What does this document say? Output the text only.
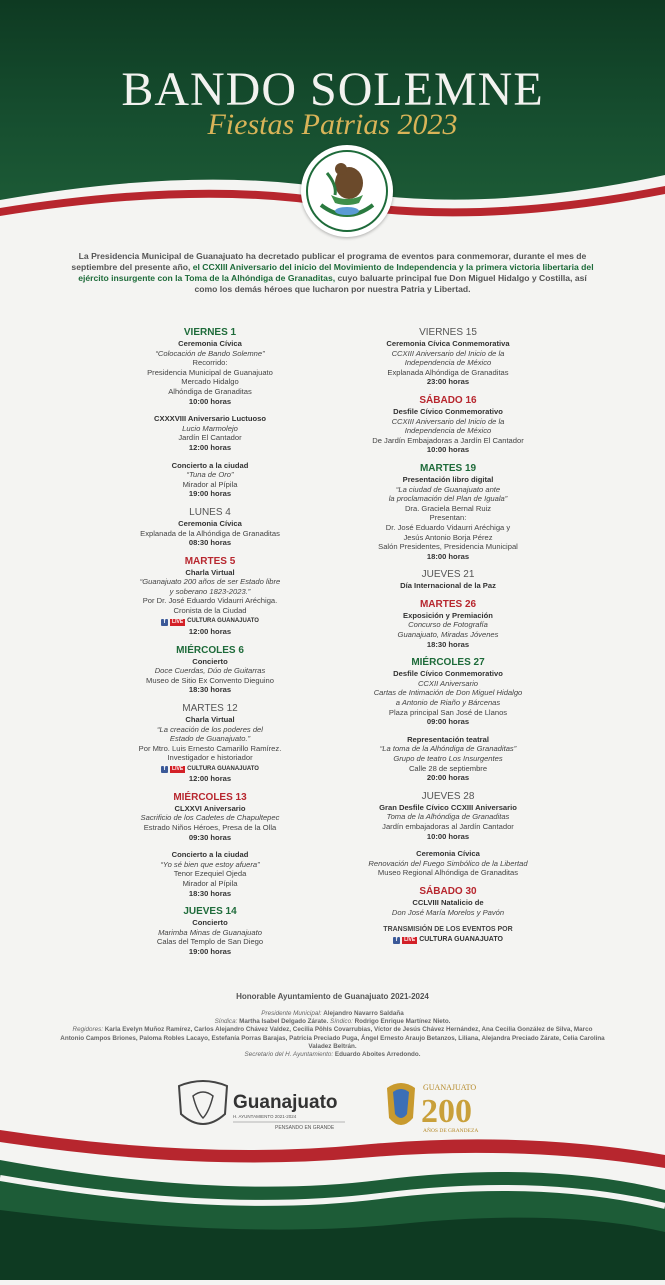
BANDO SOLEMNE
Fiestas Patrias 2023
La Presidencia Municipal de Guanajuato ha decretado publicar el programa de eventos para conmemorar, durante el mes de septiembre del presente año, el CCXIII Aniversario del inicio del Movimiento de Independencia y la primera victoria libertaria del ejército insurgente con la Toma de la Alhóndiga de Granaditas, cuyo baluarte principal fue Don Miguel Hidalgo y Costilla, así como los demás héroes que lucharon por nuestra Patria y Libertad.
VIERNES 1
Ceremonia Cívica
“Colocación de Bando Solemne”
Recorrido:
Presidencia Municipal de Guanajuato
Mercado Hidalgo
Alhóndiga de Granaditas
10:00 horas
CXXXVIII Aniversario Luctuoso
Lucio Marmolejo
Jardín El Cantador
12:00 horas
Concierto a la ciudad
“Tuna de Oro”
Mirador al Pípila
19:00 horas
LUNES 4
Ceremonia Cívica
Explanada de la Alhóndiga de Granaditas
08:30 horas
MARTES 5
Charla Virtual
“Guanajuato 200 años de ser Estado libre
y soberano 1823-2023.”
Por Dr. José Eduardo Vidaurri Aréchiga.
Cronista de la Ciudad
f	LIVE CULTURA GUANAJUATO
12:00 horas
MIÉRCOLES 6
Concierto
Doce Cuerdas, Dúo de Guitarras
Museo de Sitio Ex Convento Dieguino
18:30 horas
MARTES 12
Charla Virtual
“La creación de los poderes del
Estado de Guanajuato.”
Por Mtro. Luis Ernesto Camarillo Ramírez.
Investigador e historiador
f	LIVE CULTURA GUANAJUATO
12:00 horas
MIÉRCOLES 13
CLXXVI Aniversario
Sacrificio de los Cadetes de Chapultepec
Estrado Niños Héroes, Presa de la Olla
09:30 horas
Concierto a la ciudad
“Yo sé bien que estoy afuera”
Tenor Ezequiel Ojeda
Mirador al Pípila
18:30 horas
JUEVES 14
Concierto
Marimba Minas de Guanajuato
Calas del Templo de San Diego
19:00 horas
VIERNES 15
Ceremonia Cívica Conmemorativa
CCXIII Aniversario del Inicio de la
Independencia de México
Explanada Alhóndiga de Granaditas
23:00 horas
SÁBADO 16
Desfile Cívico Conmemorativo
CCXIII Aniversario del Inicio de la
Independencia de México
De Jardín Embajadoras a Jardín El Cantador
10:00 horas
MARTES 19
Presentación libro digital
“La ciudad de Guanajuato ante
la proclamación del Plan de Iguala”
Dra. Graciela Bernal Ruiz
Presentan:
Dr. José Eduardo Vidaurri Aréchiga y
Jesús Antonio Borja Pérez
Salón Presidentes, Presidencia Municipal
18:00 horas
JUEVES 21
Día Internacional de la Paz
MARTES 26
Exposición y Premiación
Concurso de Fotografía
Guanajuato, Miradas Jóvenes
18:30 horas
MIÉRCOLES 27
Desfile Cívico Conmemorativo
CCXII Aniversario
Cartas de Intimación de Don Miguel Hidalgo
a Antonio de Riaño y Bárcenas
Plaza principal San José de Llanos
09:00 horas
Representación teatral
“La toma de la Alhóndiga de Granaditas”
Grupo de teatro Los Insurgentes
Calle 28 de septiembre
20:00 horas
JUEVES 28
Gran Desfile Cívico CCXIII Aniversario
Toma de la Alhóndiga de Granaditas
Jardín embajadoras al Jardín Cantador
10:00 horas
Ceremonia Cívica
Renovación del Fuego Simbólico de la Libertad
Museo Regional Alhóndiga de Granaditas
SÁBADO 30
CCLVIII Natalicio de
Don José María Morelos y Pavón
TRANSMISIÓN DE LOS EVENTOS POR
f	LIVE CULTURA GUANAJUATO
Honorable Ayuntamiento de Guanajuato 2021-2024
Presidente Municipal: Alejandro Navarro Saldaña
Síndica: Martha Isabel Delgado Zárate. Síndico: Rodrigo Enrique Martínez Nieto.
Regidores: Karla Evelyn Muñoz Ramírez, Carlos Alejandro Chávez Valdez, Cecilia Pöhls Covarrubias, Víctor de Jesús Chávez Hernández, Ana Cecilia González de Silva, Marco Antonio Campos Briones, Paloma Robles Lacayo, Estefanía Porras Barajas, Patricia Preciado Puga, Ángel Ernesto Araujo Betanzos, Liliana, Alejandra Preciado Zárate, Celia Carolina Valadez Beltrán.
Secretario del H. Ayuntamiento: Eduardo Aboites Arredondo.
Guanajuato
H. AYUNTAMIENTO 2021-2024
PENSANDO EN GRANDE
GUANAJUATO
200
AÑOS DE GRANDEZA
